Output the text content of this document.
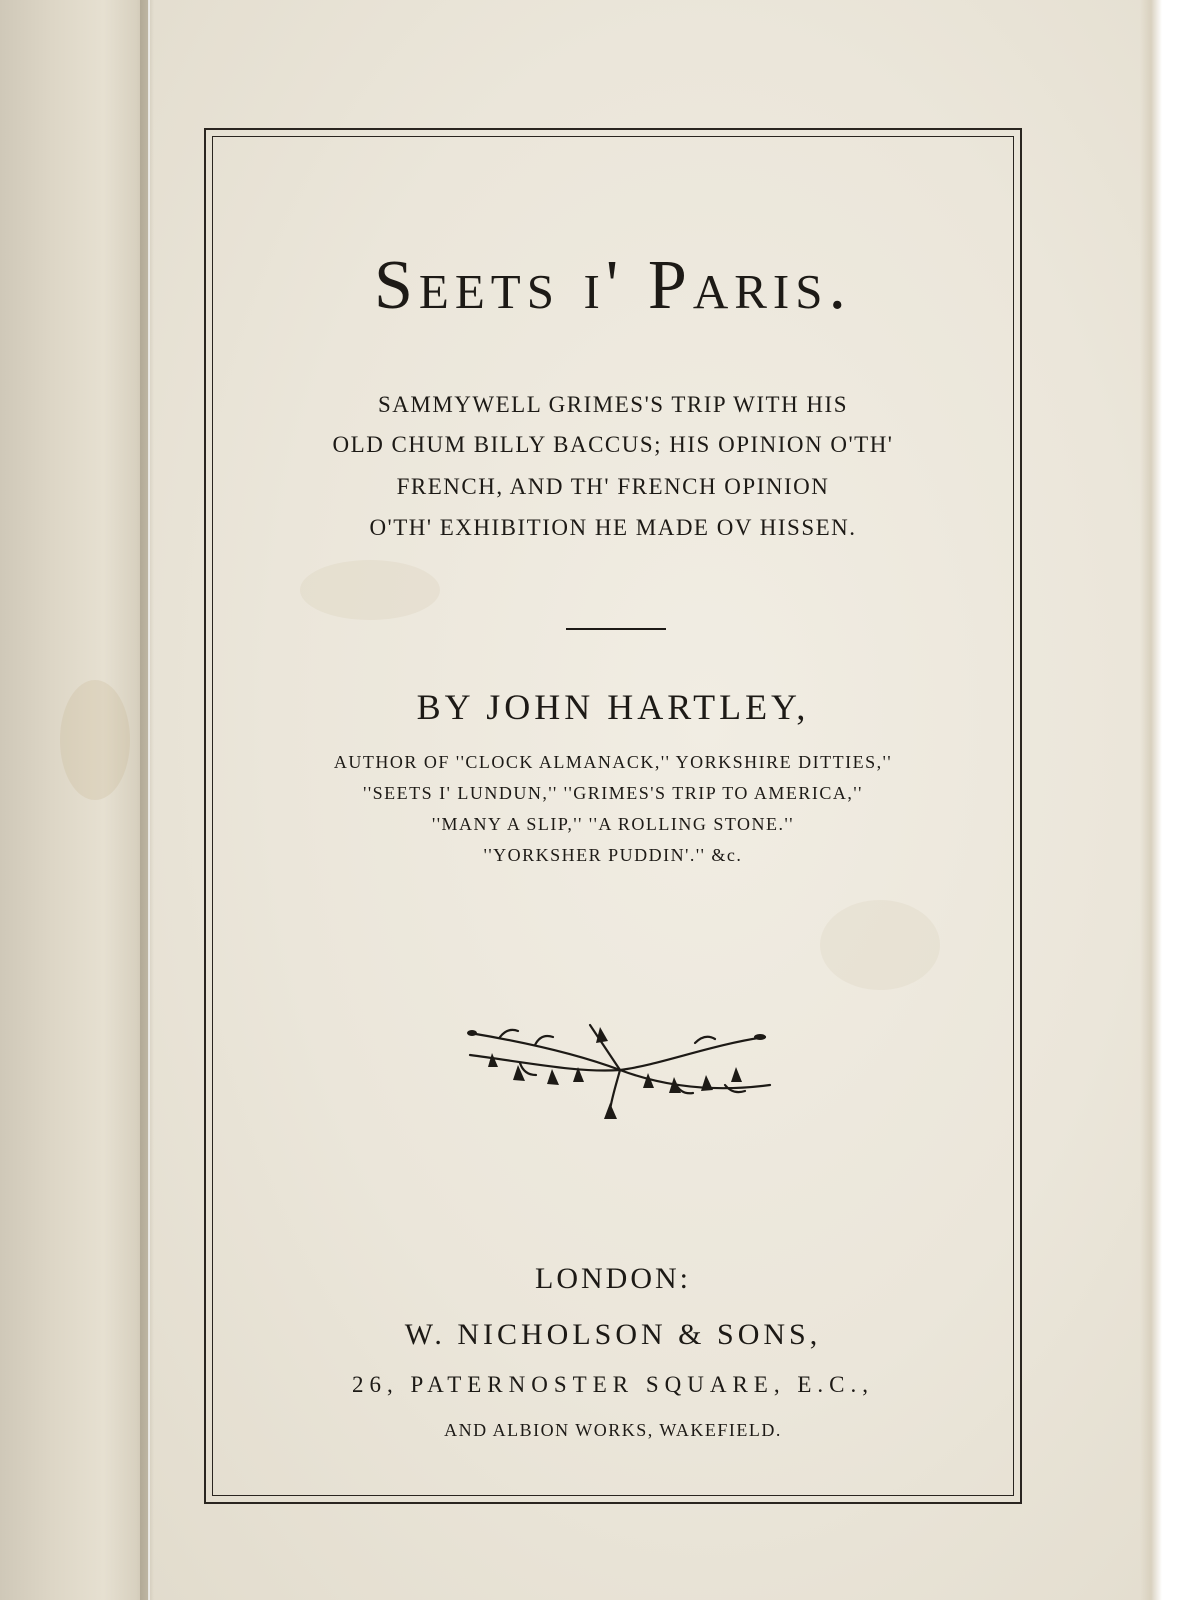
Seets i' Paris.
SAMMYWELL GRIMES'S TRIP WITH HIS
OLD CHUM BILLY BACCUS; HIS OPINION O'TH'
FRENCH, AND TH' FRENCH OPINION
O'TH' EXHIBITION HE MADE OV HISSEN.
BY JOHN HARTLEY,
AUTHOR OF ''CLOCK ALMANACK,'' YORKSHIRE DITTIES,''
''SEETS I' LUNDUN,'' ''GRIMES'S TRIP TO AMERICA,''
''MANY A SLIP,'' ''A ROLLING STONE.''
''YORKSHER PUDDIN'.'' &c.
LONDON:
W. NICHOLSON & SONS,
26, PATERNOSTER SQUARE, E.C.,
AND ALBION WORKS, WAKEFIELD.
